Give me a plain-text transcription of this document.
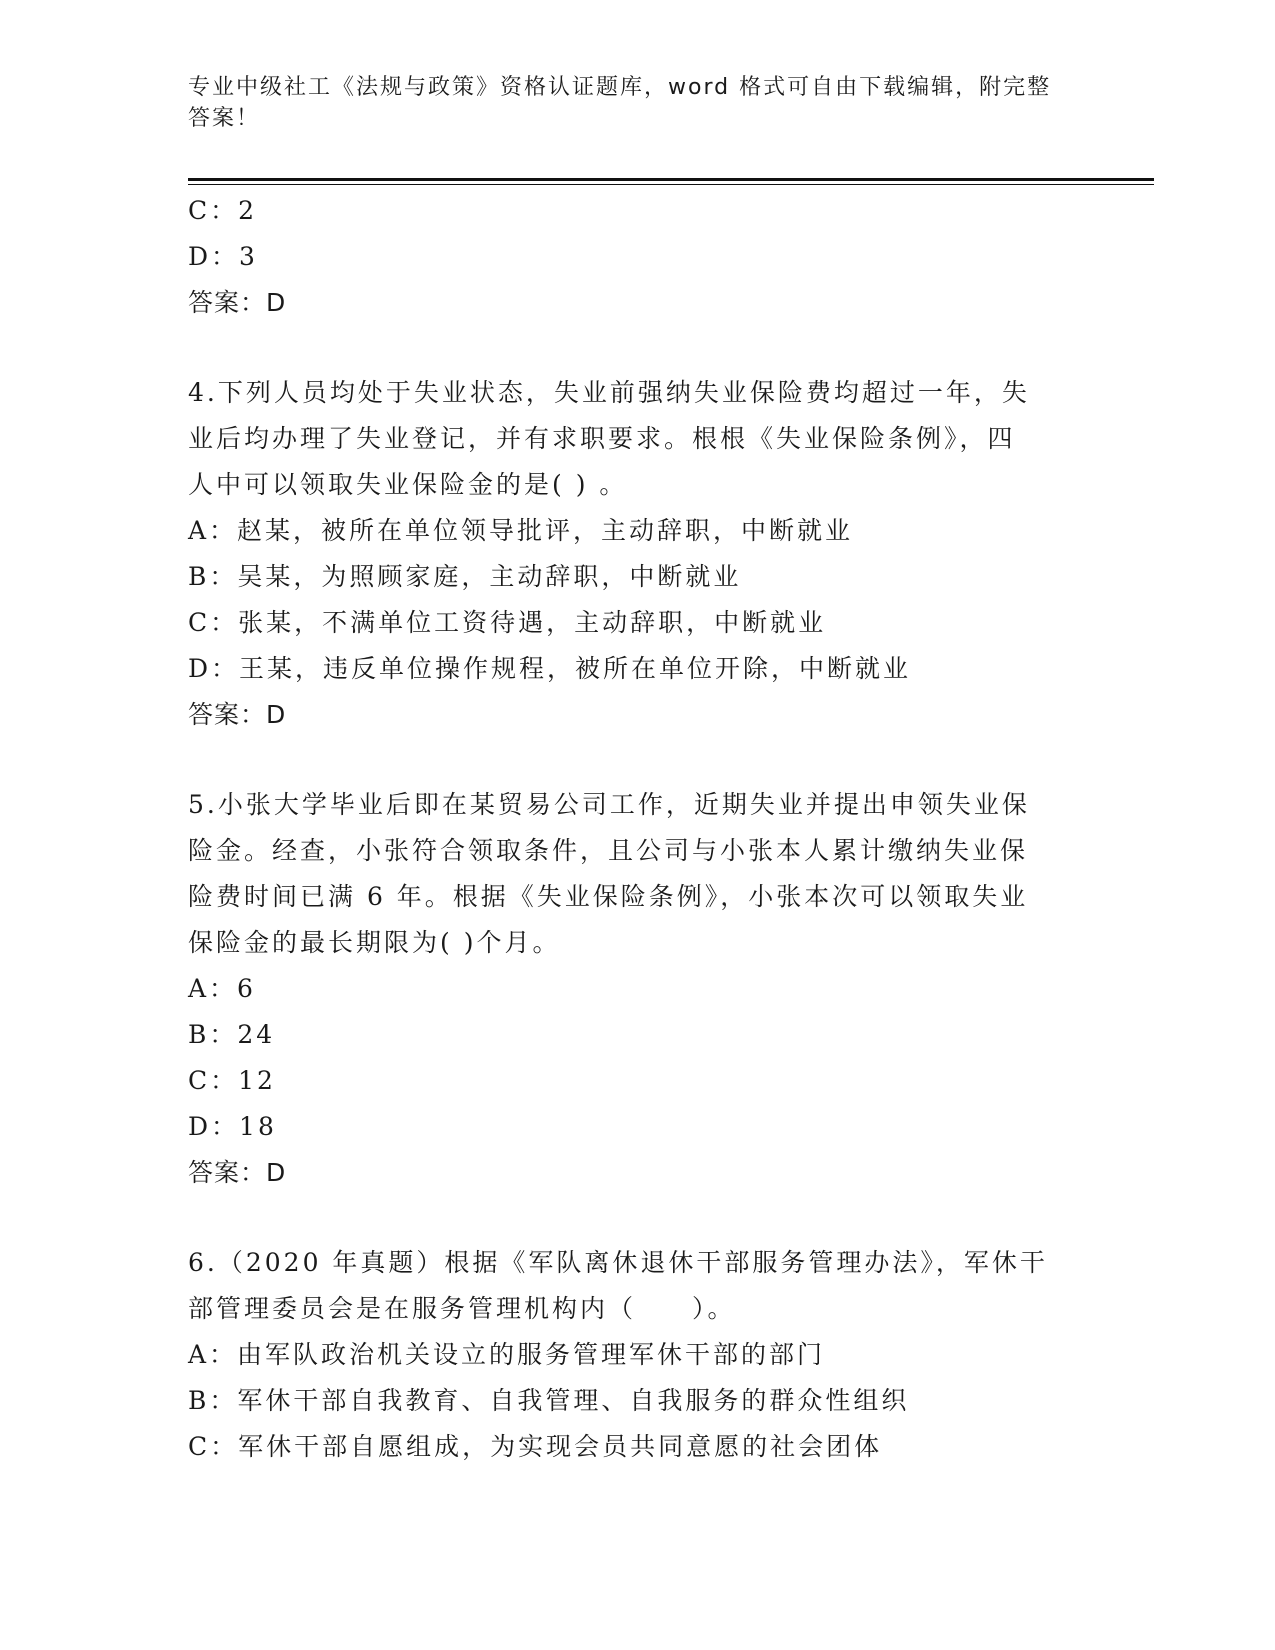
专业中级社工《法规与政策》资格认证题库，word 格式可自由下载编辑，附完整
答案！
C：2
D：3
答案：D
4.下列人员均处于失业状态，失业前强纳失业保险费均超过一年，失
业后均办理了失业登记，并有求职要求。根根《失业保险条例》，四
人中可以领取失业保险金的是( ) 。
A：赵某，被所在单位领导批评，主动辞职，中断就业
B：吴某，为照顾家庭，主动辞职，中断就业
C：张某，不满单位工资待遇，主动辞职，中断就业
D：王某，违反单位操作规程，被所在单位开除，中断就业
答案：D
5.小张大学毕业后即在某贸易公司工作，近期失业并提出申领失业保
险金。经查，小张符合领取条件，且公司与小张本人累计缴纳失业保
险费时间已满 6 年。根据《失业保险条例》，小张本次可以领取失业
保险金的最长期限为( )个月。
A：6
B：24
C：12
D：18
答案：D
6.（2020 年真题）根据《军队离休退休干部服务管理办法》，军休干
部管理委员会是在服务管理机构内（　　）。
A：由军队政治机关设立的服务管理军休干部的部门
B：军休干部自我教育、自我管理、自我服务的群众性组织
C：军休干部自愿组成，为实现会员共同意愿的社会团体
